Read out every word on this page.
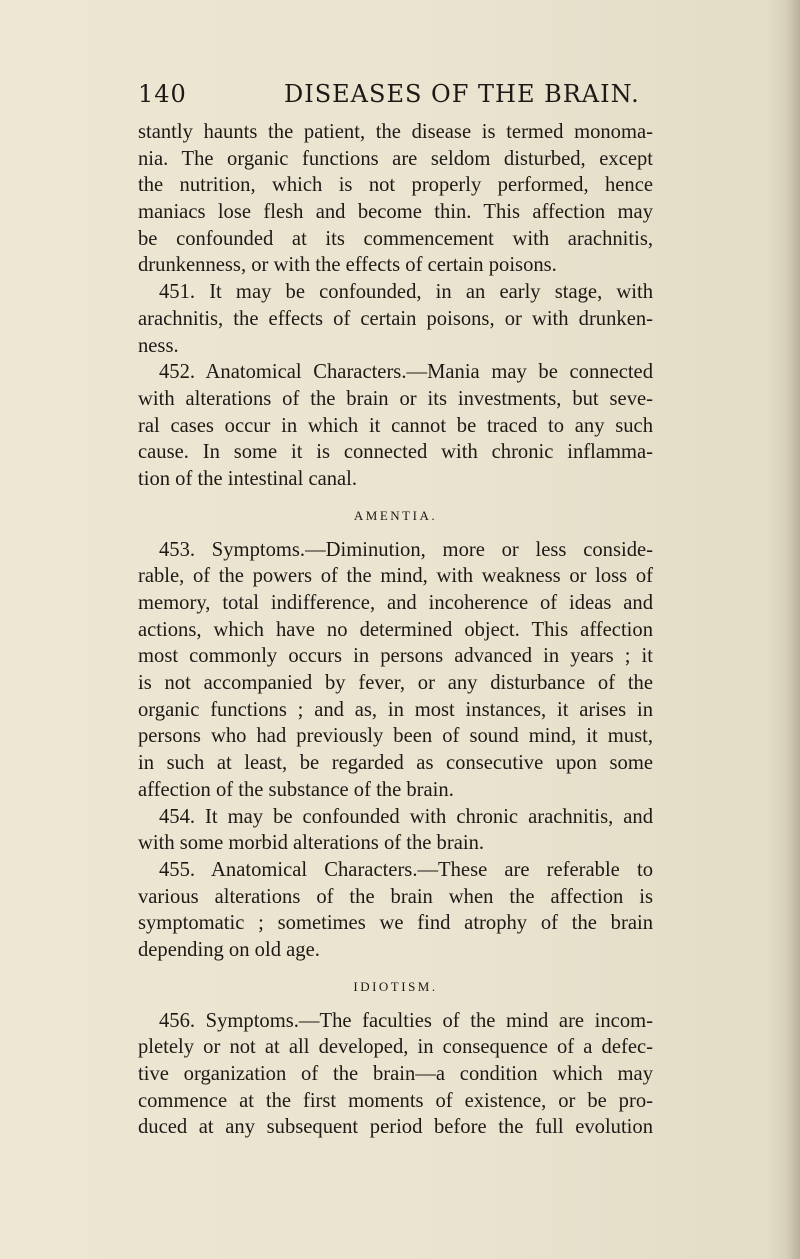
140	DISEASES OF THE BRAIN.
stantly haunts the patient, the disease is termed monoma-
nia. The organic functions are seldom disturbed, except
the nutrition, which is not properly performed, hence
maniacs lose flesh and become thin. This affection may
be confounded at its commencement with arachnitis,
drunkenness, or with the effects of certain poisons.
451. It may be confounded, in an early stage, with
arachnitis, the effects of certain poisons, or with drunken-
ness.
452. Anatomical Characters.—Mania may be connected
with alterations of the brain or its investments, but seve-
ral cases occur in which it cannot be traced to any such
cause. In some it is connected with chronic inflamma-
tion of the intestinal canal.
AMENTIA.
453. Symptoms.—Diminution, more or less conside-
rable, of the powers of the mind, with weakness or loss of
memory, total indifference, and incoherence of ideas and
actions, which have no determined object. This affection
most commonly occurs in persons advanced in years ; it
is not accompanied by fever, or any disturbance of the
organic functions ; and as, in most instances, it arises in
persons who had previously been of sound mind, it must,
in such at least, be regarded as consecutive upon some
affection of the substance of the brain.
454. It may be confounded with chronic arachnitis, and
with some morbid alterations of the brain.
455. Anatomical Characters.—These are referable to
various alterations of the brain when the affection is
symptomatic ; sometimes we find atrophy of the brain
depending on old age.
IDIOTISM.
456. Symptoms.—The faculties of the mind are incom-
pletely or not at all developed, in consequence of a defec-
tive organization of the brain—a condition which may
commence at the first moments of existence, or be pro-
duced at any subsequent period before the full evolution
